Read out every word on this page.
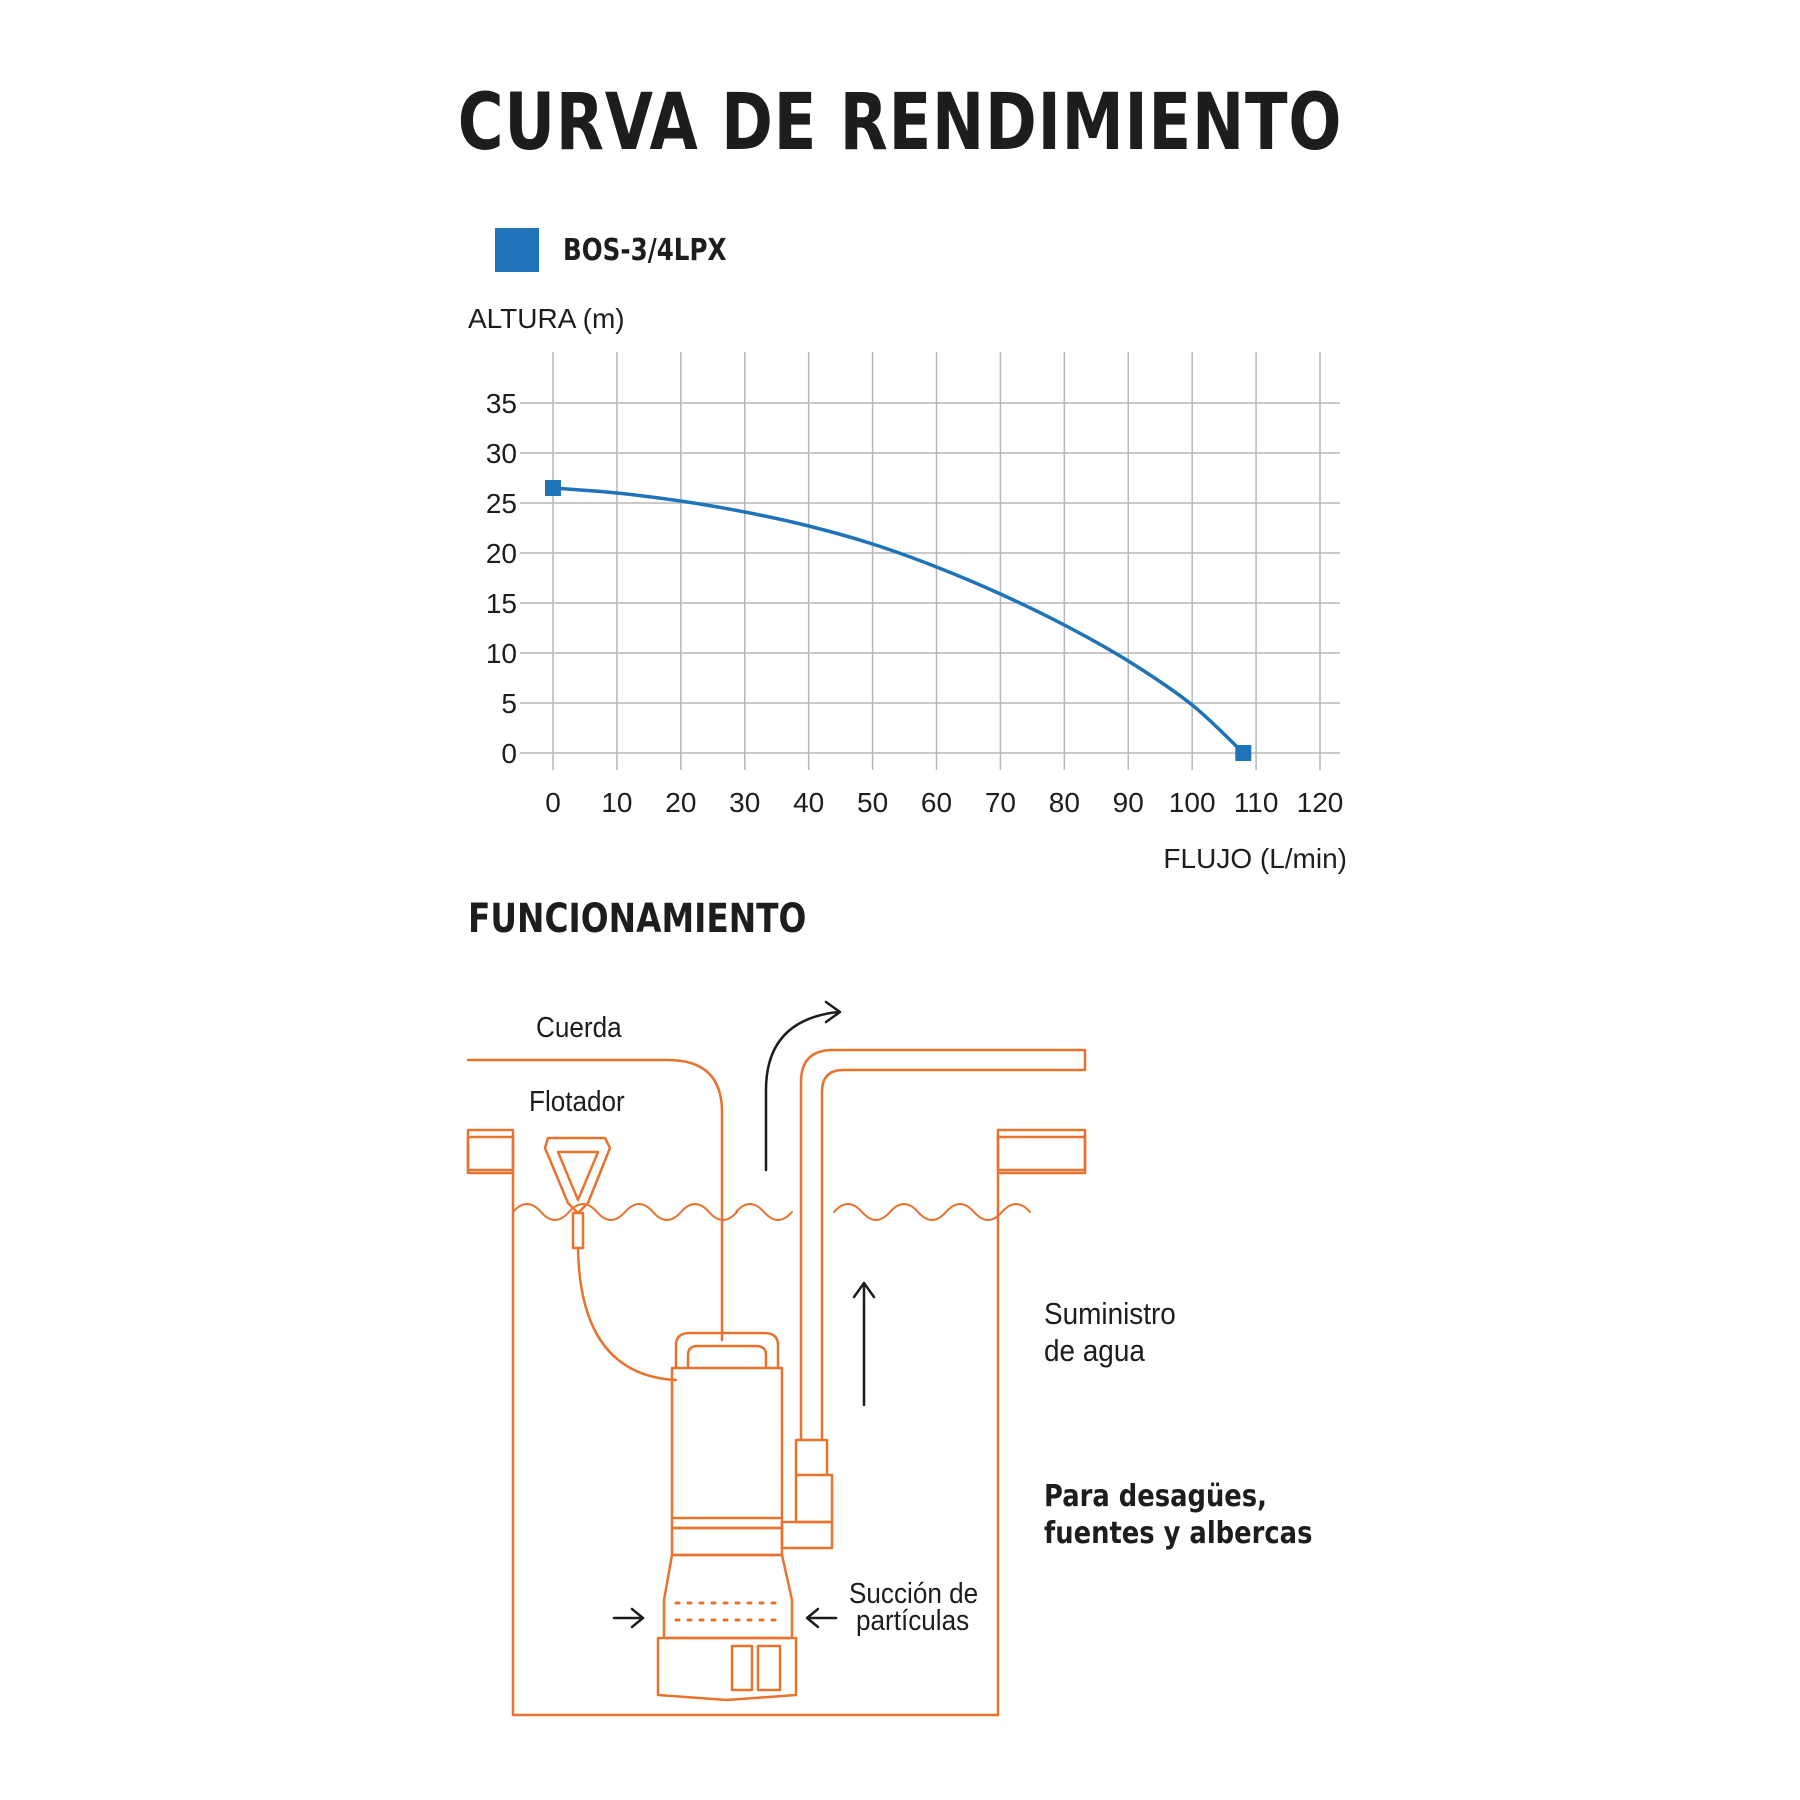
CURVA DE RENDIMIENTO
BOS-3/4LPX
ALTURA (m)
FLUJO (L/min)
35
30
25
20
15
10
5
0
0 10 20 30 40 50 60 70 80 90 100 110 120
FUNCIONAMIENTO
Cuerda
Flotador
Succión de
partículas
Suministro
de agua
Para desagües,
fuentes y albercas
